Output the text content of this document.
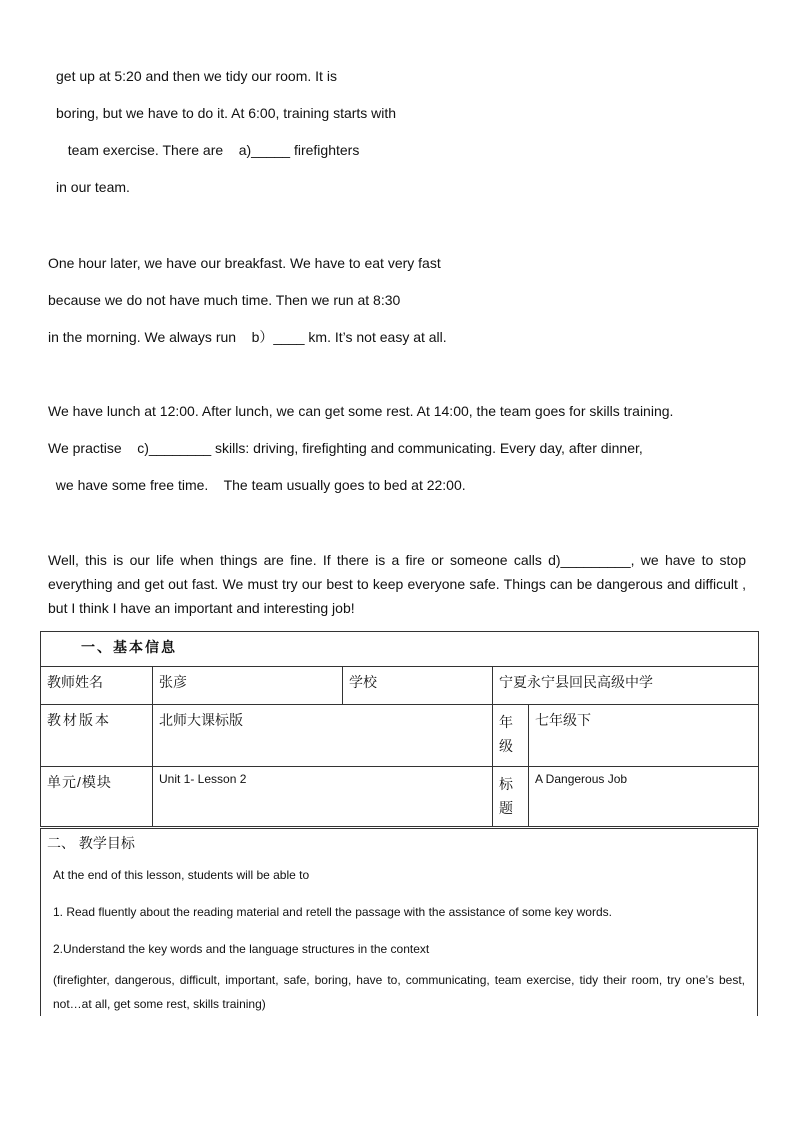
get up at 5:20 and then we tidy our room. It is
boring, but we have to do it. At 6:00, training starts with
team exercise. There are    a)_____ firefighters
in our team.
One hour later, we have our breakfast. We have to eat very fast
because we do not have much time. Then we run at 8:30
in the morning. We always run    b）____ km. It’s not easy at all.
We have lunch at 12:00. After lunch, we can get some rest. At 14:00, the team goes for skills training.
We practise    c)________ skills: driving, firefighting and communicating. Every day, after dinner,
we have some free time.    The team usually goes to bed at 22:00.
Well, this is our life when things are fine. If there is a fire or someone calls d)_________, we have to stop everything and get out fast. We must try our best to keep everyone safe. Things can be dangerous and difficult , but I think I have an important and interesting job!
一、基本信息				
教师姓名	张彦	学校	宁夏永宁县回民高级中学	
教材版本	北师大课标版		年级	七年级下
单元/模块	Unit 1- Lesson 2		标题	A Dangerous Job
二、 教学目标
At the end of this lesson, students will be able to
1. Read fluently about the reading material and retell the passage with the assistance of some key words.
2.Understand the key words and the language structures in the context
(firefighter, dangerous, difficult, important, safe, boring, have to, communicating, team exercise, tidy their room, try one’s best, not…at all, get some rest, skills training)
